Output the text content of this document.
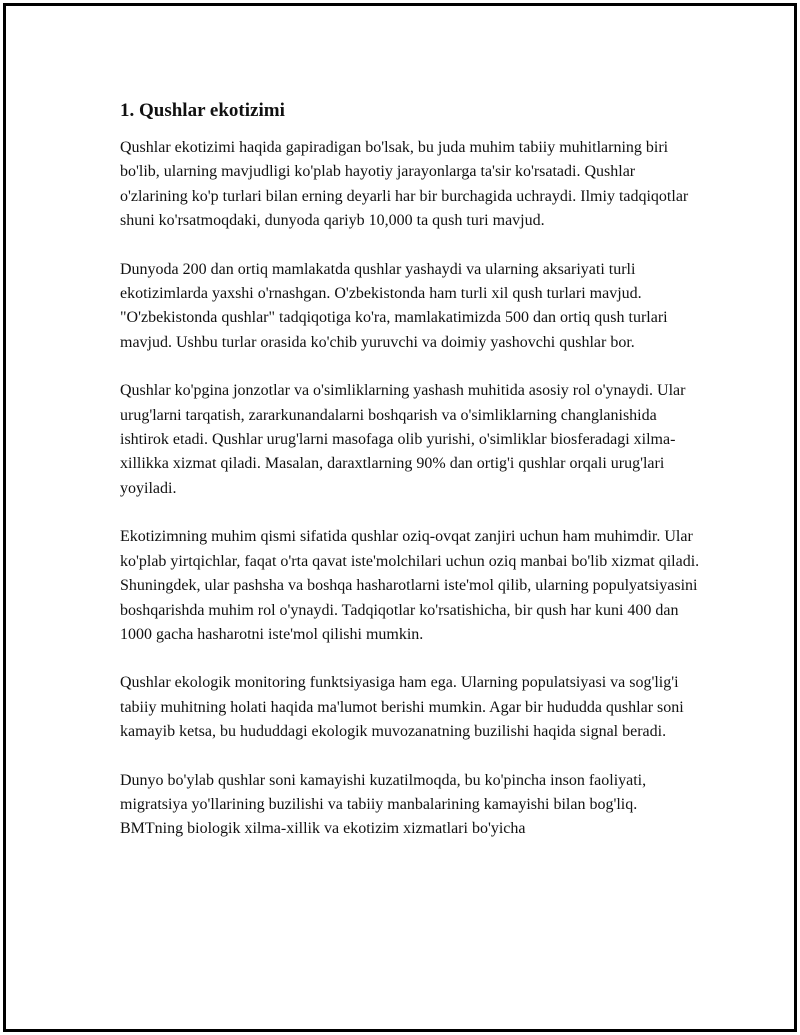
1. Qushlar ekotizimi

Qushlar ekotizimi haqida gapiradigan bo'lsak, bu juda muhim tabiiy muhitlarning biri bo'lib, ularning mavjudligi ko'plab hayotiy jarayonlarga ta'sir ko'rsatadi. Qushlar o'zlarining ko'p turlari bilan erning deyarli har bir burchagida uchraydi. Ilmiy tadqiqotlar shuni ko'rsatmoqdaki, dunyoda qariyb 10,000 ta qush turi mavjud.

Dunyoda 200 dan ortiq mamlakatda qushlar yashaydi va ularning aksariyati turli ekotizimlarda yaxshi o'rnashgan. O'zbekistonda ham turli xil qush turlari mavjud. "O'zbekistonda qushlar" tadqiqotiga ko'ra, mamlakatimizda 500 dan ortiq qush turlari mavjud. Ushbu turlar orasida ko'chib yuruvchi va doimiy yashovchi qushlar bor.

Qushlar ko'pgina jonzotlar va o'simliklarning yashash muhitida asosiy rol o'ynaydi. Ular urug'larni tarqatish, zararkunandalarni boshqarish va o'simliklarning changlanishida ishtirok etadi. Qushlar urug'larni masofaga olib yurishi, o'simliklar biosferadagi xilma-xillikka xizmat qiladi. Masalan, daraxtlarning 90% dan ortig'i qushlar orqali urug'lari yoyiladi.

Ekotizimning muhim qismi sifatida qushlar oziq-ovqat zanjiri uchun ham muhimdir. Ular ko'plab yirtqichlar, faqat o'rta qavat iste'molchilari uchun oziq manbai bo'lib xizmat qiladi. Shuningdek, ular pashsha va boshqa hasharotlarni iste'mol qilib, ularning populyatsiyasini boshqarishda muhim rol o'ynaydi. Tadqiqotlar ko'rsatishicha, bir qush har kuni 400 dan 1000 gacha hasharotni iste'mol qilishi mumkin.

Qushlar ekologik monitoring funktsiyasiga ham ega. Ularning populatsiyasi va sog'lig'i tabiiy muhitning holati haqida ma'lumot berishi mumkin. Agar bir hududda qushlar soni kamayib ketsa, bu hududdagi ekologik muvozanatning buzilishi haqida signal beradi.

Dunyo bo'ylab qushlar soni kamayishi kuzatilmoqda, bu ko'pincha inson faoliyati, migratsiya yo'llarining buzilishi va tabiiy manbalarining kamayishi bilan bog'liq. BMTning biologik xilma-xillik va ekotizim xizmatlari bo'yicha
